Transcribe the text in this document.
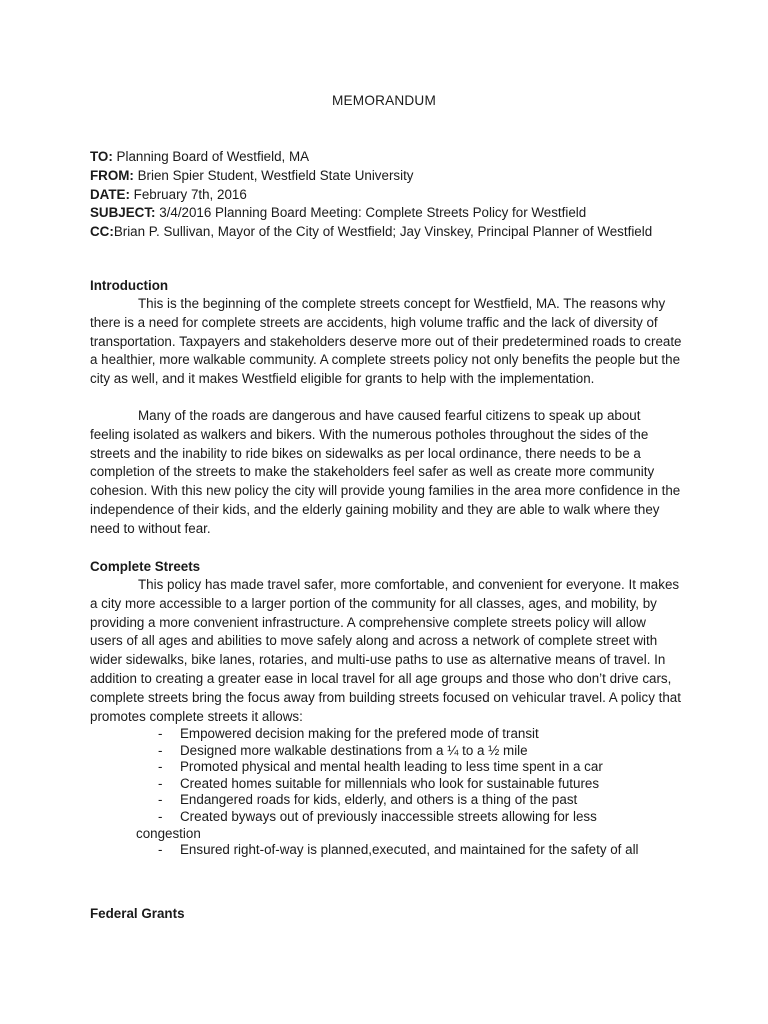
MEMORANDUM
TO: Planning Board of Westfield, MA
FROM: Brien Spier Student, Westfield State University
DATE: February 7th, 2016
SUBJECT: 3/4/2016 Planning Board Meeting: Complete Streets Policy for Westfield
CC:Brian P. Sullivan, Mayor of the City of Westfield; Jay Vinskey, Principal Planner of Westfield
Introduction

This is the beginning of the complete streets concept for Westfield, MA. The reasons why there is a need for complete streets are accidents, high volume traffic and the lack of diversity of transportation. Taxpayers and stakeholders deserve more out of their predetermined roads to create a healthier, more walkable community. A complete streets policy not only benefits the people but the city as well, and it makes Westfield eligible for grants to help with the implementation.

Many of the roads are dangerous and have caused fearful citizens to speak up about feeling isolated as walkers and bikers. With the numerous potholes throughout the sides of the streets and the inability to ride bikes on sidewalks as per local ordinance, there needs to be a completion of the streets to make the stakeholders feel safer as well as create more community cohesion. With this new policy the city will provide young families in the area more confidence in the independence of their kids, and the elderly gaining mobility and they are able to walk where they need to without fear.

Complete Streets

This policy has made travel safer, more comfortable, and convenient for everyone. It makes a city more accessible to a larger portion of the community for all classes, ages, and mobility, by providing a more convenient infrastructure. A comprehensive complete streets policy will allow users of all ages and abilities to move safely along and across a network of complete street with wider sidewalks, bike lanes, rotaries, and multi-use paths to use as alternative means of travel. In addition to creating a greater ease in local travel for all age groups and those who don’t drive cars, complete streets bring the focus away from building streets focused on vehicular travel. A policy that promotes complete streets it allows:

- Empowered decision making for the prefered mode of transit
- Designed more walkable destinations from a ¼ to a ½ mile
- Promoted physical and mental health leading to less time spent in a car
- Created homes suitable for millennials who look for sustainable futures
- Endangered roads for kids, elderly, and others is a thing of the past
- Created byways out of previously inaccessible streets allowing for less
congestion
- Ensured right-of-way is planned,executed, and maintained for the safety of all
Federal Grants
